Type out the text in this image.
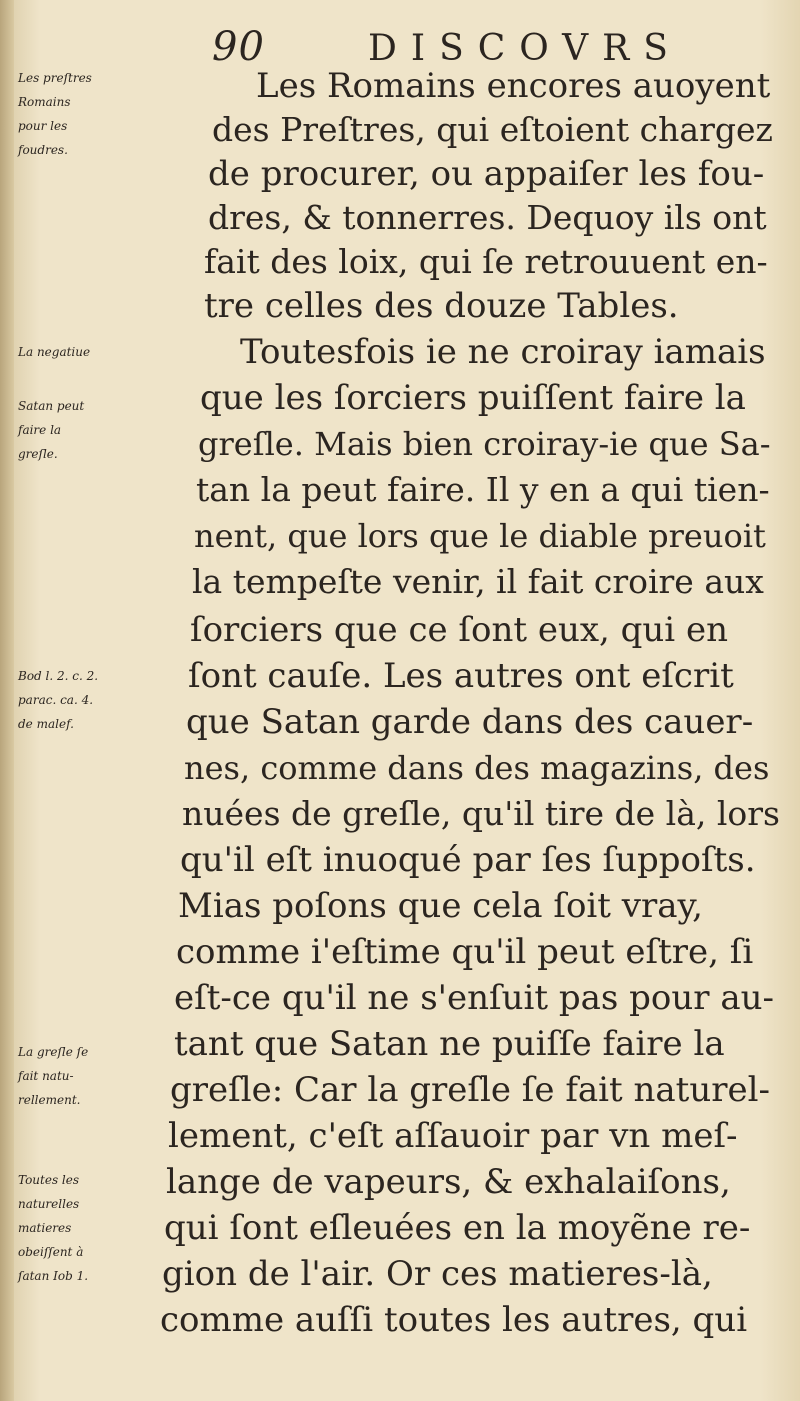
90	DISCOVRS
Les preſtres
Romains
pour les
foudres.
La negatiue
Satan peut
faire la
greſle.
Bod l. 2. c. 2.
parac. ca. 4.
de malef.
La greſle ſe
fait natu-
rellement.
Toutes les
naturelles
matieres
obeiſſent à
ſatan Iob 1.
Les Romains encores auoyent
des Preſtres, qui eſtoient chargez
de procurer, ou appaiſer les fou-
dres, & tonnerres. Dequoy ils ont
fait des loix, qui ſe retrouuent en-
tre celles des douze Tables.
Toutesfois ie ne croiray iamais
que les ſorciers puiſſent faire la
greſle. Mais bien croiray-ie que Sa-
tan la peut faire. Il y en a qui tien-
nent, que lors que le diable preuoit
la tempeſte venir, il fait croire aux
ſorciers que ce ſont eux, qui en
ſont cauſe. Les autres ont eſcrit
que Satan garde dans des cauer-
nes, comme dans des magazins, des
nuées de greſle, qu'il tire de là, lors
qu'il eſt inuoqué par ſes ſuppoſts.
Mias poſons que cela ſoit vray,
comme i'eſtime qu'il peut eſtre, ſi
eſt-ce qu'il ne s'enſuit pas pour au-
tant que Satan ne puiſſe faire la
greſle: Car la greſle ſe fait naturel-
lement, c'eſt aſſauoir par vn meſ-
lange de vapeurs, & exhalaiſons,
qui ſont eſleuées en la moyẽne re-
gion de l'air. Or ces matieres-là,
comme auſſi toutes les autres, qui
